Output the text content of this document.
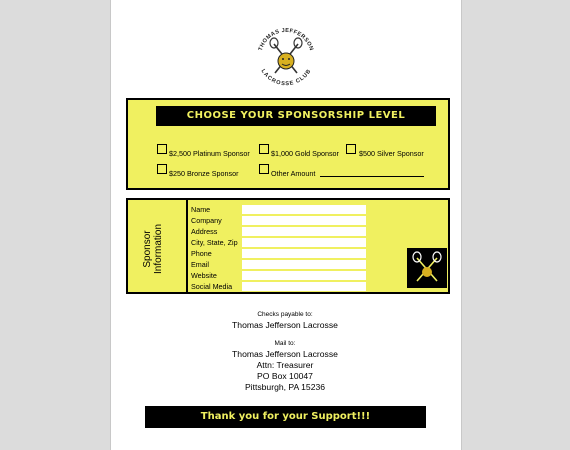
THOMAS JEFFERSON
LACROSSE CLUB
CHOOSE YOUR SPONSORSHIP LEVEL
$2,500 Platinum Sponsor	$1,000 Gold Sponsor	$500 Silver Sponsor
$250 Bronze Sponsor	Other Amount
Sponsor
Information
Name
Company
Address
City, State, Zip
Phone
Email
Website
Social Media
Checks payable to:
Thomas Jefferson Lacrosse
Mail to:
Thomas Jefferson Lacrosse
Attn: Treasurer
PO Box 10047
Pittsburgh, PA 15236
Thank you for your Support!!!
